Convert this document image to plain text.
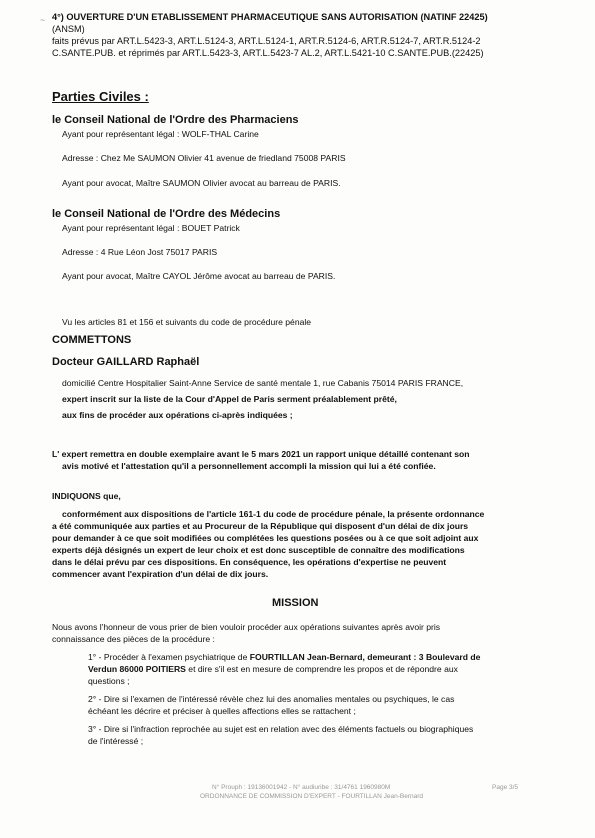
~ 4°) OUVERTURE D'UN ETABLISSEMENT PHARMACEUTIQUE SANS AUTORISATION (NATINF 22425)
(ANSM)
faits prévus par ART.L.5423-3, ART.L.5124-3, ART.L.5124-1, ART.R.5124-6, ART.R.5124-7, ART.R.5124-2
C.SANTE.PUB. et réprimés par ART.L.5423-3, ART.L.5423-7 AL.2, ART.L.5421-10 C.SANTE.PUB.(22425)
Parties Civiles :
le Conseil National de l'Ordre des Pharmaciens
Ayant pour représentant légal : WOLF-THAL Carine
Adresse : Chez Me SAUMON Olivier 41 avenue de friedland 75008 PARIS
Ayant pour avocat, Maître SAUMON Olivier avocat au barreau de PARIS.
le Conseil National de l'Ordre des Médecins
Ayant pour représentant légal : BOUET Patrick
Adresse : 4 Rue Léon Jost 75017 PARIS
Ayant pour avocat, Maître CAYOL Jérôme avocat au barreau de PARIS.
Vu les articles 81 et 156 et suivants du code de procédure pénale
COMMETTONS
Docteur GAILLARD Raphaël
domicilié Centre Hospitalier Saint-Anne Service de santé mentale 1, rue Cabanis 75014 PARIS FRANCE,
expert inscrit sur la liste de la Cour d'Appel de Paris serment préalablement prêté,
aux fins de procéder aux opérations ci-après indiquées ;
L' expert remettra en double exemplaire avant le 5 mars 2021 un rapport unique détaillé contenant son
avis motivé et l'attestation qu'il a personnellement accompli la mission qui lui a été confiée.
INDIQUONS que,
conformément aux dispositions de l'article 161-1 du code de procédure pénale, la présente ordonnance
a été communiquée aux parties et au Procureur de la République qui disposent d'un délai de dix jours
pour demander à ce que soit modifiées ou complétées les questions posées ou à ce que soit adjoint aux
experts déjà désignés un expert de leur choix et est donc susceptible de connaître des modifications
dans le délai prévu par ces dispositions. En conséquence, les opérations d'expertise ne peuvent
commencer avant l'expiration d'un délai de dix jours.
MISSION
Nous avons l'honneur de vous prier de bien vouloir procéder aux opérations suivantes après avoir pris
connaissance des pièces de la procédure :
1° - Procéder à l'examen psychiatrique de FOURTILLAN Jean-Bernard, demeurant : 3 Boulevard de
Verdun 86000 POITIERS et dire s'il est en mesure de comprendre les propos et de répondre aux
questions ;
2° - Dire si l'examen de l'intéressé révèle chez lui des anomalies mentales ou psychiques, le cas
échéant les décrire et préciser à quelles affections elles se rattachent ;
3° - Dire si l'infraction reprochée au sujet est en relation avec des éléments factuels ou biographiques
de l'intéressé ;
N° Prouph : 19136001942 - N° audiuribe : 31/4761 1960980M
ORDONNANCE DE COMMISSION D'EXPERT - FOURTILLAN Jean-Bernard
Page 3/5
